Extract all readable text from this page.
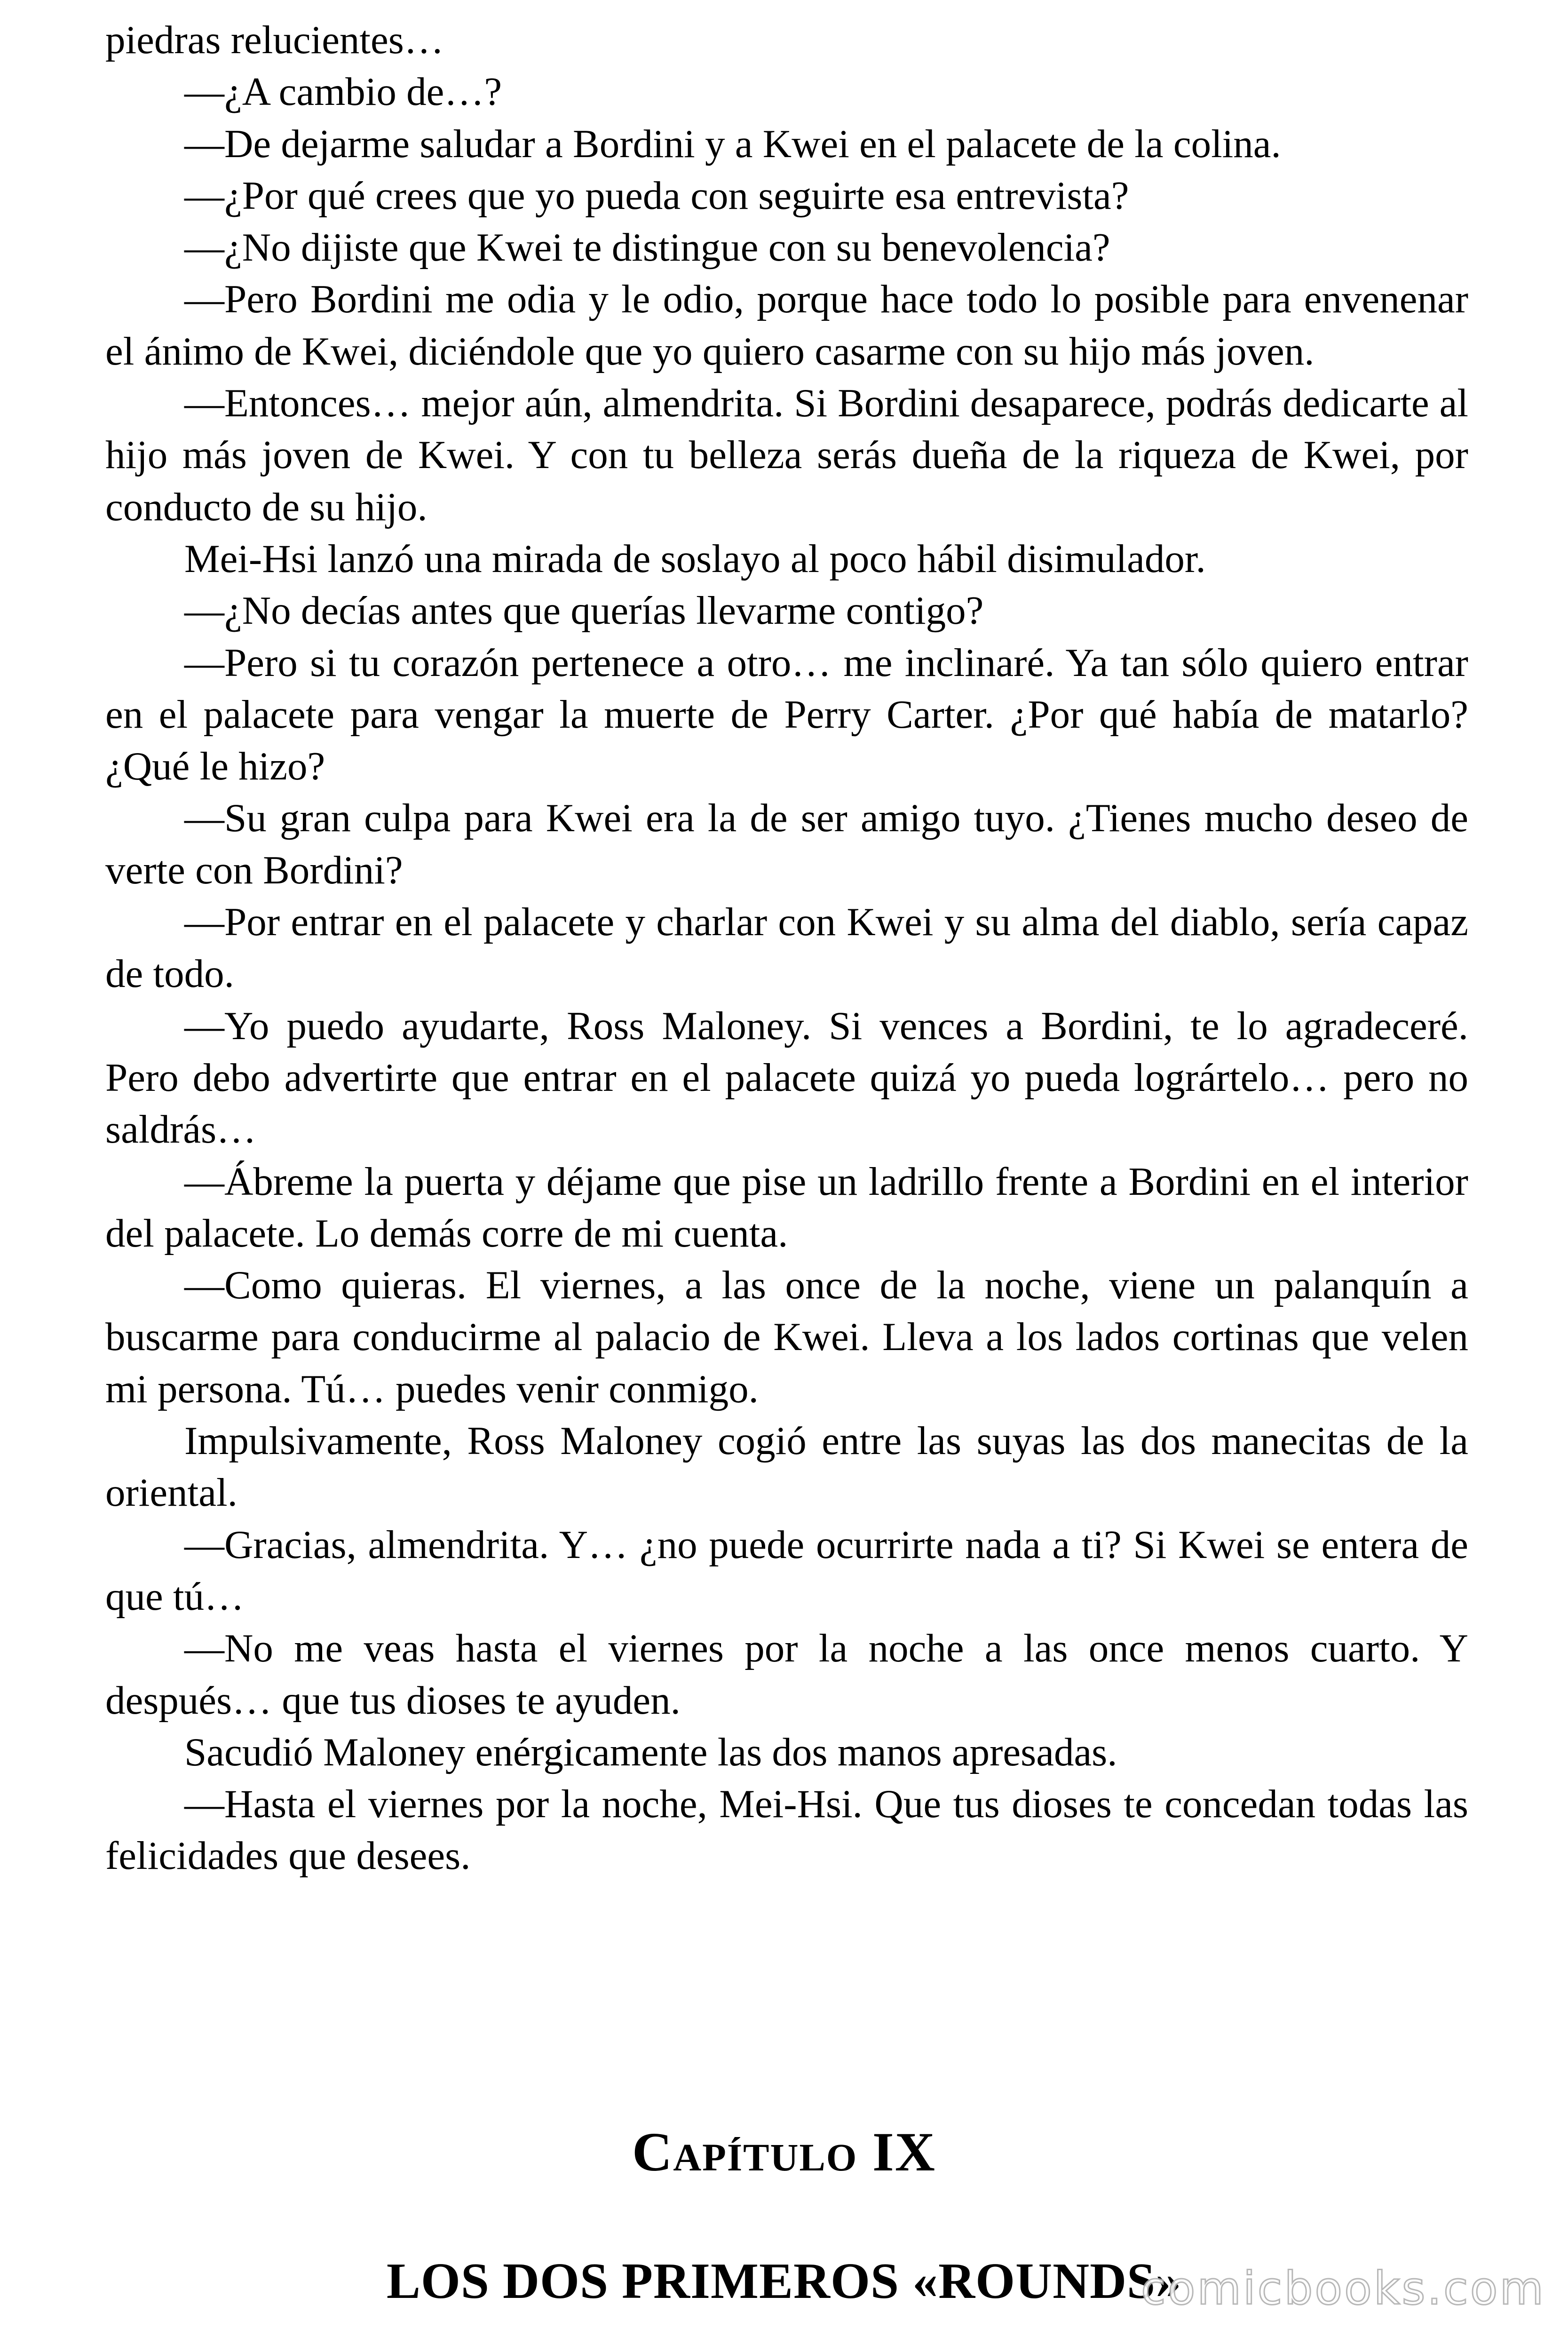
piedras relucientes…

—¿A cambio de…?

—De dejarme saludar a Bordini y a Kwei en el palacete de la colina.

—¿Por qué crees que yo pueda con seguirte esa entrevista?

—¿No dijiste que Kwei te distingue con su benevolencia?

—Pero Bordini me odia y le odio, porque hace todo lo posible para envenenar el ánimo de Kwei, diciéndole que yo quiero casarme con su hijo más joven.

—Entonces… mejor aún, almendrita. Si Bordini desaparece, podrás dedicarte al hijo más joven de Kwei. Y con tu belleza serás dueña de la riqueza de Kwei, por conducto de su hijo.

Mei-Hsi lanzó una mirada de soslayo al poco hábil disimulador.

—¿No decías antes que querías llevarme contigo?

—Pero si tu corazón pertenece a otro… me inclinaré. Ya tan sólo quiero entrar en el palacete para vengar la muerte de Perry Carter. ¿Por qué había de matarlo? ¿Qué le hizo?

—Su gran culpa para Kwei era la de ser amigo tuyo. ¿Tienes mucho deseo de verte con Bordini?

—Por entrar en el palacete y charlar con Kwei y su alma del diablo, sería capaz de todo.

—Yo puedo ayudarte, Ross Maloney. Si vences a Bordini, te lo agradeceré. Pero debo advertirte que entrar en el palacete quizá yo pueda logrártelo… pero no saldrás…

—Ábreme la puerta y déjame que pise un ladrillo frente a Bordini en el interior del palacete. Lo demás corre de mi cuenta.

—Como quieras. El viernes, a las once de la noche, viene un palanquín a buscarme para conducirme al palacio de Kwei. Lleva a los lados cortinas que velen mi persona. Tú… puedes venir conmigo.

Impulsivamente, Ross Maloney cogió entre las suyas las dos manecitas de la oriental.

—Gracias, almendrita. Y… ¿no puede ocurrirte nada a ti? Si Kwei se entera de que tú…

—No me veas hasta el viernes por la noche a las once menos cuarto. Y después… que tus dioses te ayuden.

Sacudió Maloney enérgicamente las dos manos apresadas.

—Hasta el viernes por la noche, Mei-Hsi. Que tus dioses te concedan todas las felicidades que desees.

Capítulo IX
LOS DOS PRIMEROS «ROUNDS»
comicbooks.com
